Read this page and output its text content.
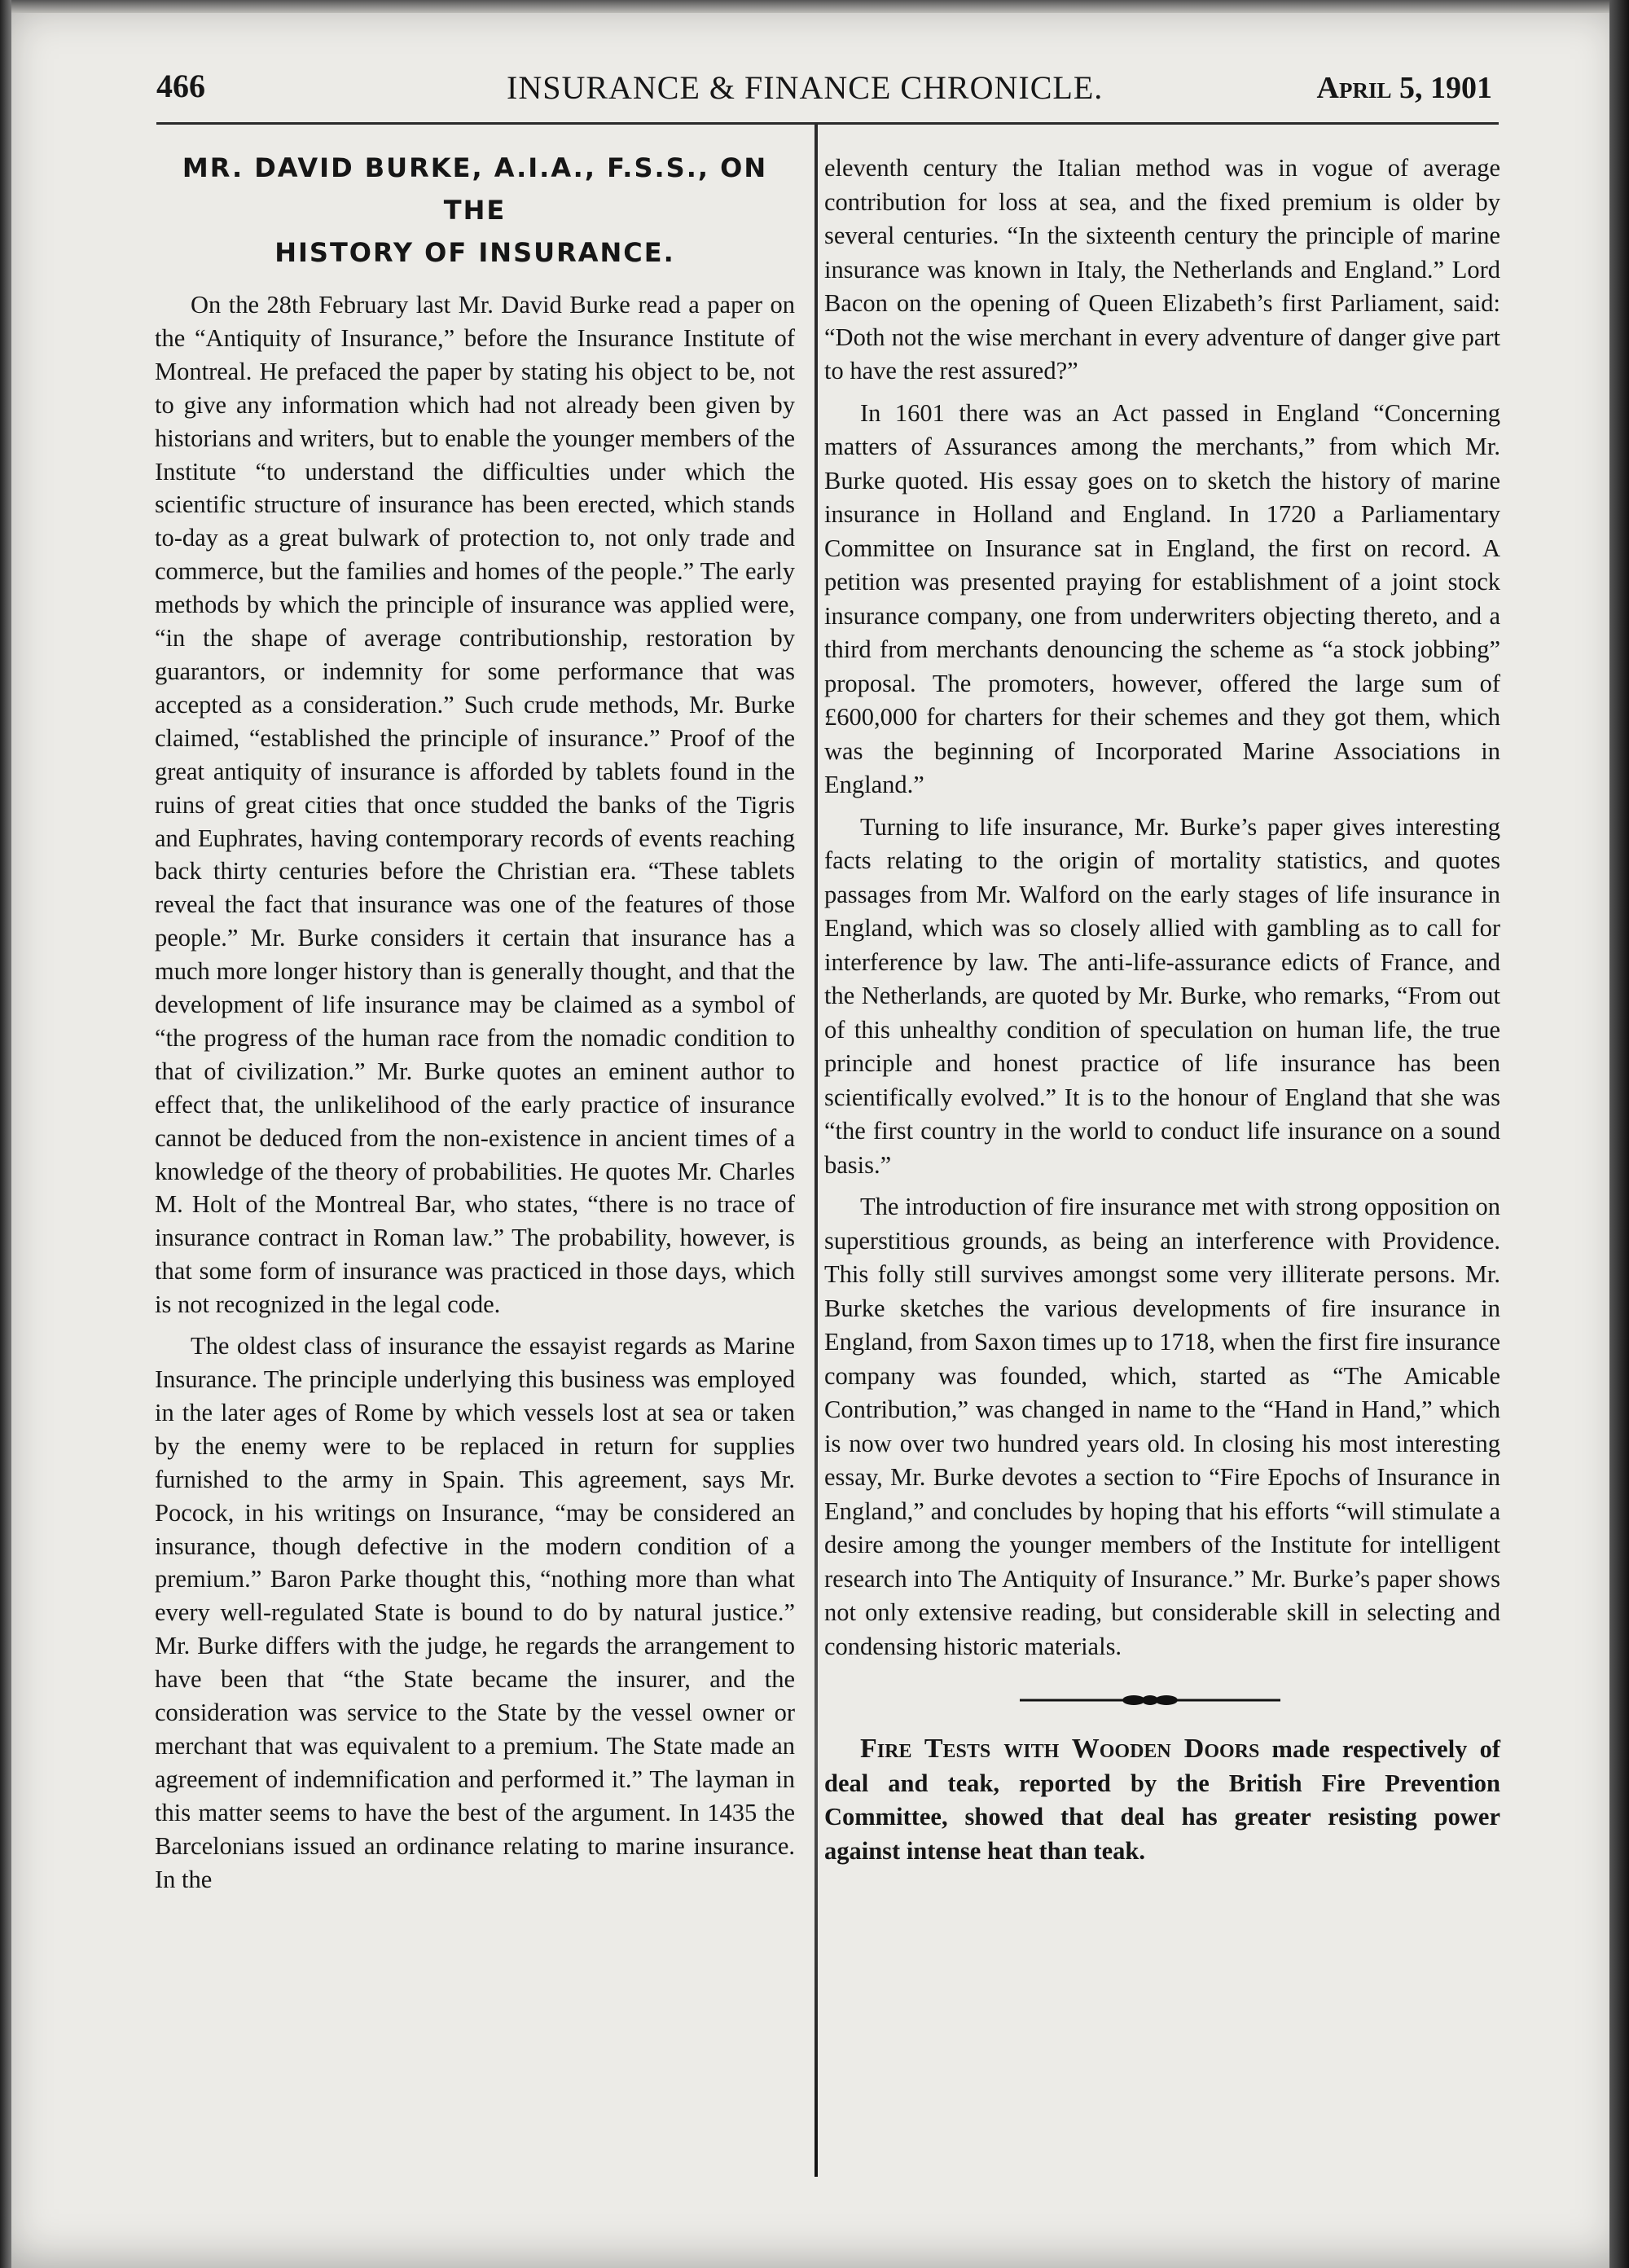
466	INSURANCE & FINANCE CHRONICLE.	April 5, 1901
MR. DAVID BURKE, A.I.A., F.S.S., ON THE
HISTORY OF INSURANCE.

On the 28th February last Mr. David Burke read a paper on the “Antiquity of Insurance,” before the Insurance Institute of Montreal. He prefaced the paper by stating his object to be, not to give any information which had not already been given by historians and writers, but to enable the younger members of the Institute “to understand the difficulties under which the scientific structure of insurance has been erected, which stands to-day as a great bulwark of protection to, not only trade and commerce, but the families and homes of the people.” The early methods by which the principle of insurance was applied were, “in the shape of average contributionship, restoration by guarantors, or indemnity for some performance that was accepted as a consideration.” Such crude methods, Mr. Burke claimed, “established the principle of insurance.” Proof of the great antiquity of insurance is afforded by tablets found in the ruins of great cities that once studded the banks of the Tigris and Euphrates, having contemporary records of events reaching back thirty centuries before the Christian era. “These tablets reveal the fact that insurance was one of the features of those people.” Mr. Burke considers it certain that insurance has a much more longer history than is generally thought, and that the development of life insurance may be claimed as a symbol of “the progress of the human race from the nomadic condition to that of civilization.” Mr. Burke quotes an eminent author to effect that, the unlikelihood of the early practice of insurance cannot be deduced from the non-existence in ancient times of a knowledge of the theory of probabilities. He quotes Mr. Charles M. Holt of the Montreal Bar, who states, “there is no trace of insurance contract in Roman law.” The probability, however, is that some form of insurance was practiced in those days, which is not recognized in the legal code.

The oldest class of insurance the essayist regards as Marine Insurance. The principle underlying this business was employed in the later ages of Rome by which vessels lost at sea or taken by the enemy were to be replaced in return for supplies furnished to the army in Spain. This agreement, says Mr. Pocock, in his writings on Insurance, “may be considered an insurance, though defective in the modern condition of a premium.” Baron Parke thought this, “nothing more than what every well-regulated State is bound to do by natural justice.” Mr. Burke differs with the judge, he regards the arrangement to have been that “the State became the insurer, and the consideration was service to the State by the vessel owner or merchant that was equivalent to a premium. The State made an agreement of indemnification and performed it.” The layman in this matter seems to have the best of the argument. In 1435 the Barcelonians issued an ordinance relating to marine insurance. In the

eleventh century the Italian method was in vogue of average contribution for loss at sea, and the fixed premium is older by several centuries. “In the sixteenth century the principle of marine insurance was known in Italy, the Netherlands and England.” Lord Bacon on the opening of Queen Elizabeth’s first Parliament, said: “Doth not the wise merchant in every adventure of danger give part to have the rest assured?”

In 1601 there was an Act passed in England “Concerning matters of Assurances among the merchants,” from which Mr. Burke quoted. His essay goes on to sketch the history of marine insurance in Holland and England. In 1720 a Parliamentary Committee on Insurance sat in England, the first on record. A petition was presented praying for establishment of a joint stock insurance company, one from underwriters objecting thereto, and a third from merchants denouncing the scheme as “a stock jobbing” proposal. The promoters, however, offered the large sum of £600,000 for charters for their schemes and they got them, which was the beginning of Incorporated Marine Associations in England.”

Turning to life insurance, Mr. Burke’s paper gives interesting facts relating to the origin of mortality statistics, and quotes passages from Mr. Walford on the early stages of life insurance in England, which was so closely allied with gambling as to call for interference by law. The anti-life-assurance edicts of France, and the Netherlands, are quoted by Mr. Burke, who remarks, “From out of this unhealthy condition of speculation on human life, the true principle and honest practice of life insurance has been scientifically evolved.” It is to the honour of England that she was “the first country in the world to conduct life insurance on a sound basis.”

The introduction of fire insurance met with strong opposition on superstitious grounds, as being an interference with Providence. This folly still survives amongst some very illiterate persons. Mr. Burke sketches the various developments of fire insurance in England, from Saxon times up to 1718, when the first fire insurance company was founded, which, started as “The Amicable Contribution,” was changed in name to the “Hand in Hand,” which is now over two hundred years old. In closing his most interesting essay, Mr. Burke devotes a section to “Fire Epochs of Insurance in England,” and concludes by hoping that his efforts “will stimulate a desire among the younger members of the Institute for intelligent research into The Antiquity of Insurance.” Mr. Burke’s paper shows not only extensive reading, but considerable skill in selecting and condensing historic materials.

Fire Tests with Wooden Doors made respectively of deal and teak, reported by the British Fire Prevention Committee, showed that deal has greater resisting power against intense heat than teak.
